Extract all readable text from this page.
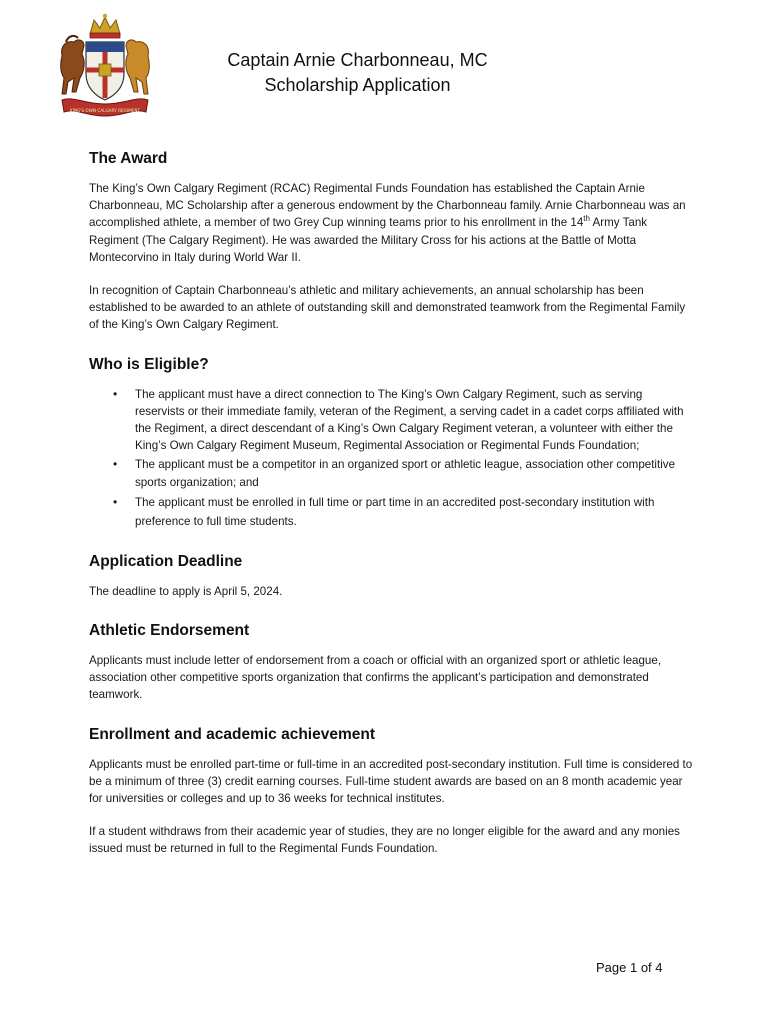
KING'S OWN CALGARY REGIMENT
Captain Arnie Charbonneau, MC
Scholarship Application
The Award

The King’s Own Calgary Regiment (RCAC) Regimental Funds Foundation has established the Captain Arnie Charbonneau, MC Scholarship after a generous endowment by the Charbonneau family. Arnie Charbonneau was an accomplished athlete, a member of two Grey Cup winning teams prior to his enrollment in the 14th Army Tank Regiment (The Calgary Regiment). He was awarded the Military Cross for his actions at the Battle of Motta Montecorvino in Italy during World War II.

In recognition of Captain Charbonneau’s athletic and military achievements, an annual scholarship has been established to be awarded to an athlete of outstanding skill and demonstrated teamwork from the Regimental Family of the King’s Own Calgary Regiment.

Who is Eligible?
• The applicant must have a direct connection to The King’s Own Calgary Regiment, such as serving reservists or their immediate family, veteran of the Regiment, a serving cadet in a cadet corps affiliated with the Regiment, a direct descendant of a King’s Own Calgary Regiment veteran, a volunteer with either the King’s Own Calgary Regiment Museum, Regimental Association or Regimental Funds Foundation;
• The applicant must be a competitor in an organized sport or athletic league, association other competitive sports organization; and
• The applicant must be enrolled in full time or part time in an accredited post-secondary institution with preference to full time students.
Application Deadline

The deadline to apply is April 5, 2024.

Athletic Endorsement

Applicants must include letter of endorsement from a coach or official with an organized sport or athletic league, association other competitive sports organization that confirms the applicant’s participation and demonstrated teamwork.

Enrollment and academic achievement

Applicants must be enrolled part-time or full-time in an accredited post-secondary institution. Full time is considered to be a minimum of three (3) credit earning courses. Full-time student awards are based on an 8 month academic year for universities or colleges and up to 36 weeks for technical institutes.

If a student withdraws from their academic year of studies, they are no longer eligible for the award and any monies issued must be returned in full to the Regimental Funds Foundation.

Page 1 of 4
